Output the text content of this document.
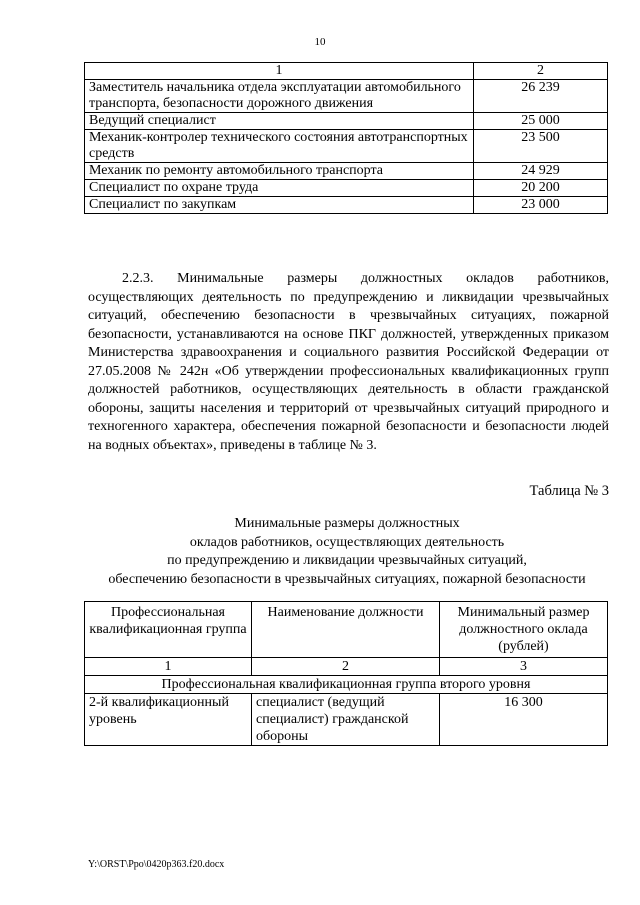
10
1	2
Заместитель начальника отдела эксплуатации автомобильного транспорта, безопасности дорожного движения	26 239
Ведущий специалист	25 000
Механик-контролер технического состояния автотранспортных средств	23 500
Механик по ремонту автомобильного транспорта	24 929
Специалист по охране труда	20 200
Специалист по закупкам	23 000
2.2.3. Минимальные размеры должностных окладов работников, осуществляющих деятельность по предупреждению и ликвидации чрезвычайных ситуаций, обеспечению безопасности в чрезвычайных ситуациях, пожарной безопасности, устанавливаются на основе ПКГ должностей, утвержденных приказом Министерства здравоохранения и социального развития Российской Федерации от 27.05.2008 № 242н «Об утверждении профессиональных квалификационных групп должностей работников, осуществляющих деятельность в области гражданской обороны, защиты населения и территорий от чрезвычайных ситуаций природного и техногенного характера, обеспечения пожарной безопасности и безопасности людей на водных объектах», приведены в таблице № 3.
Таблица № 3
Минимальные размеры должностных
окладов работников, осуществляющих деятельность
по предупреждению и ликвидации чрезвычайных ситуаций,
обеспечению безопасности в чрезвычайных ситуациях, пожарной безопасности
Профессиональная квалификационная группа	Наименование должности	Минимальный размер должностного оклада (рублей)
1	2	3
Профессиональная квалификационная группа второго уровня		
2-й квалификационный уровень	специалист (ведущий специалист) гражданской обороны	16 300
Y:\ORST\Ppo\0420p363.f20.docx
